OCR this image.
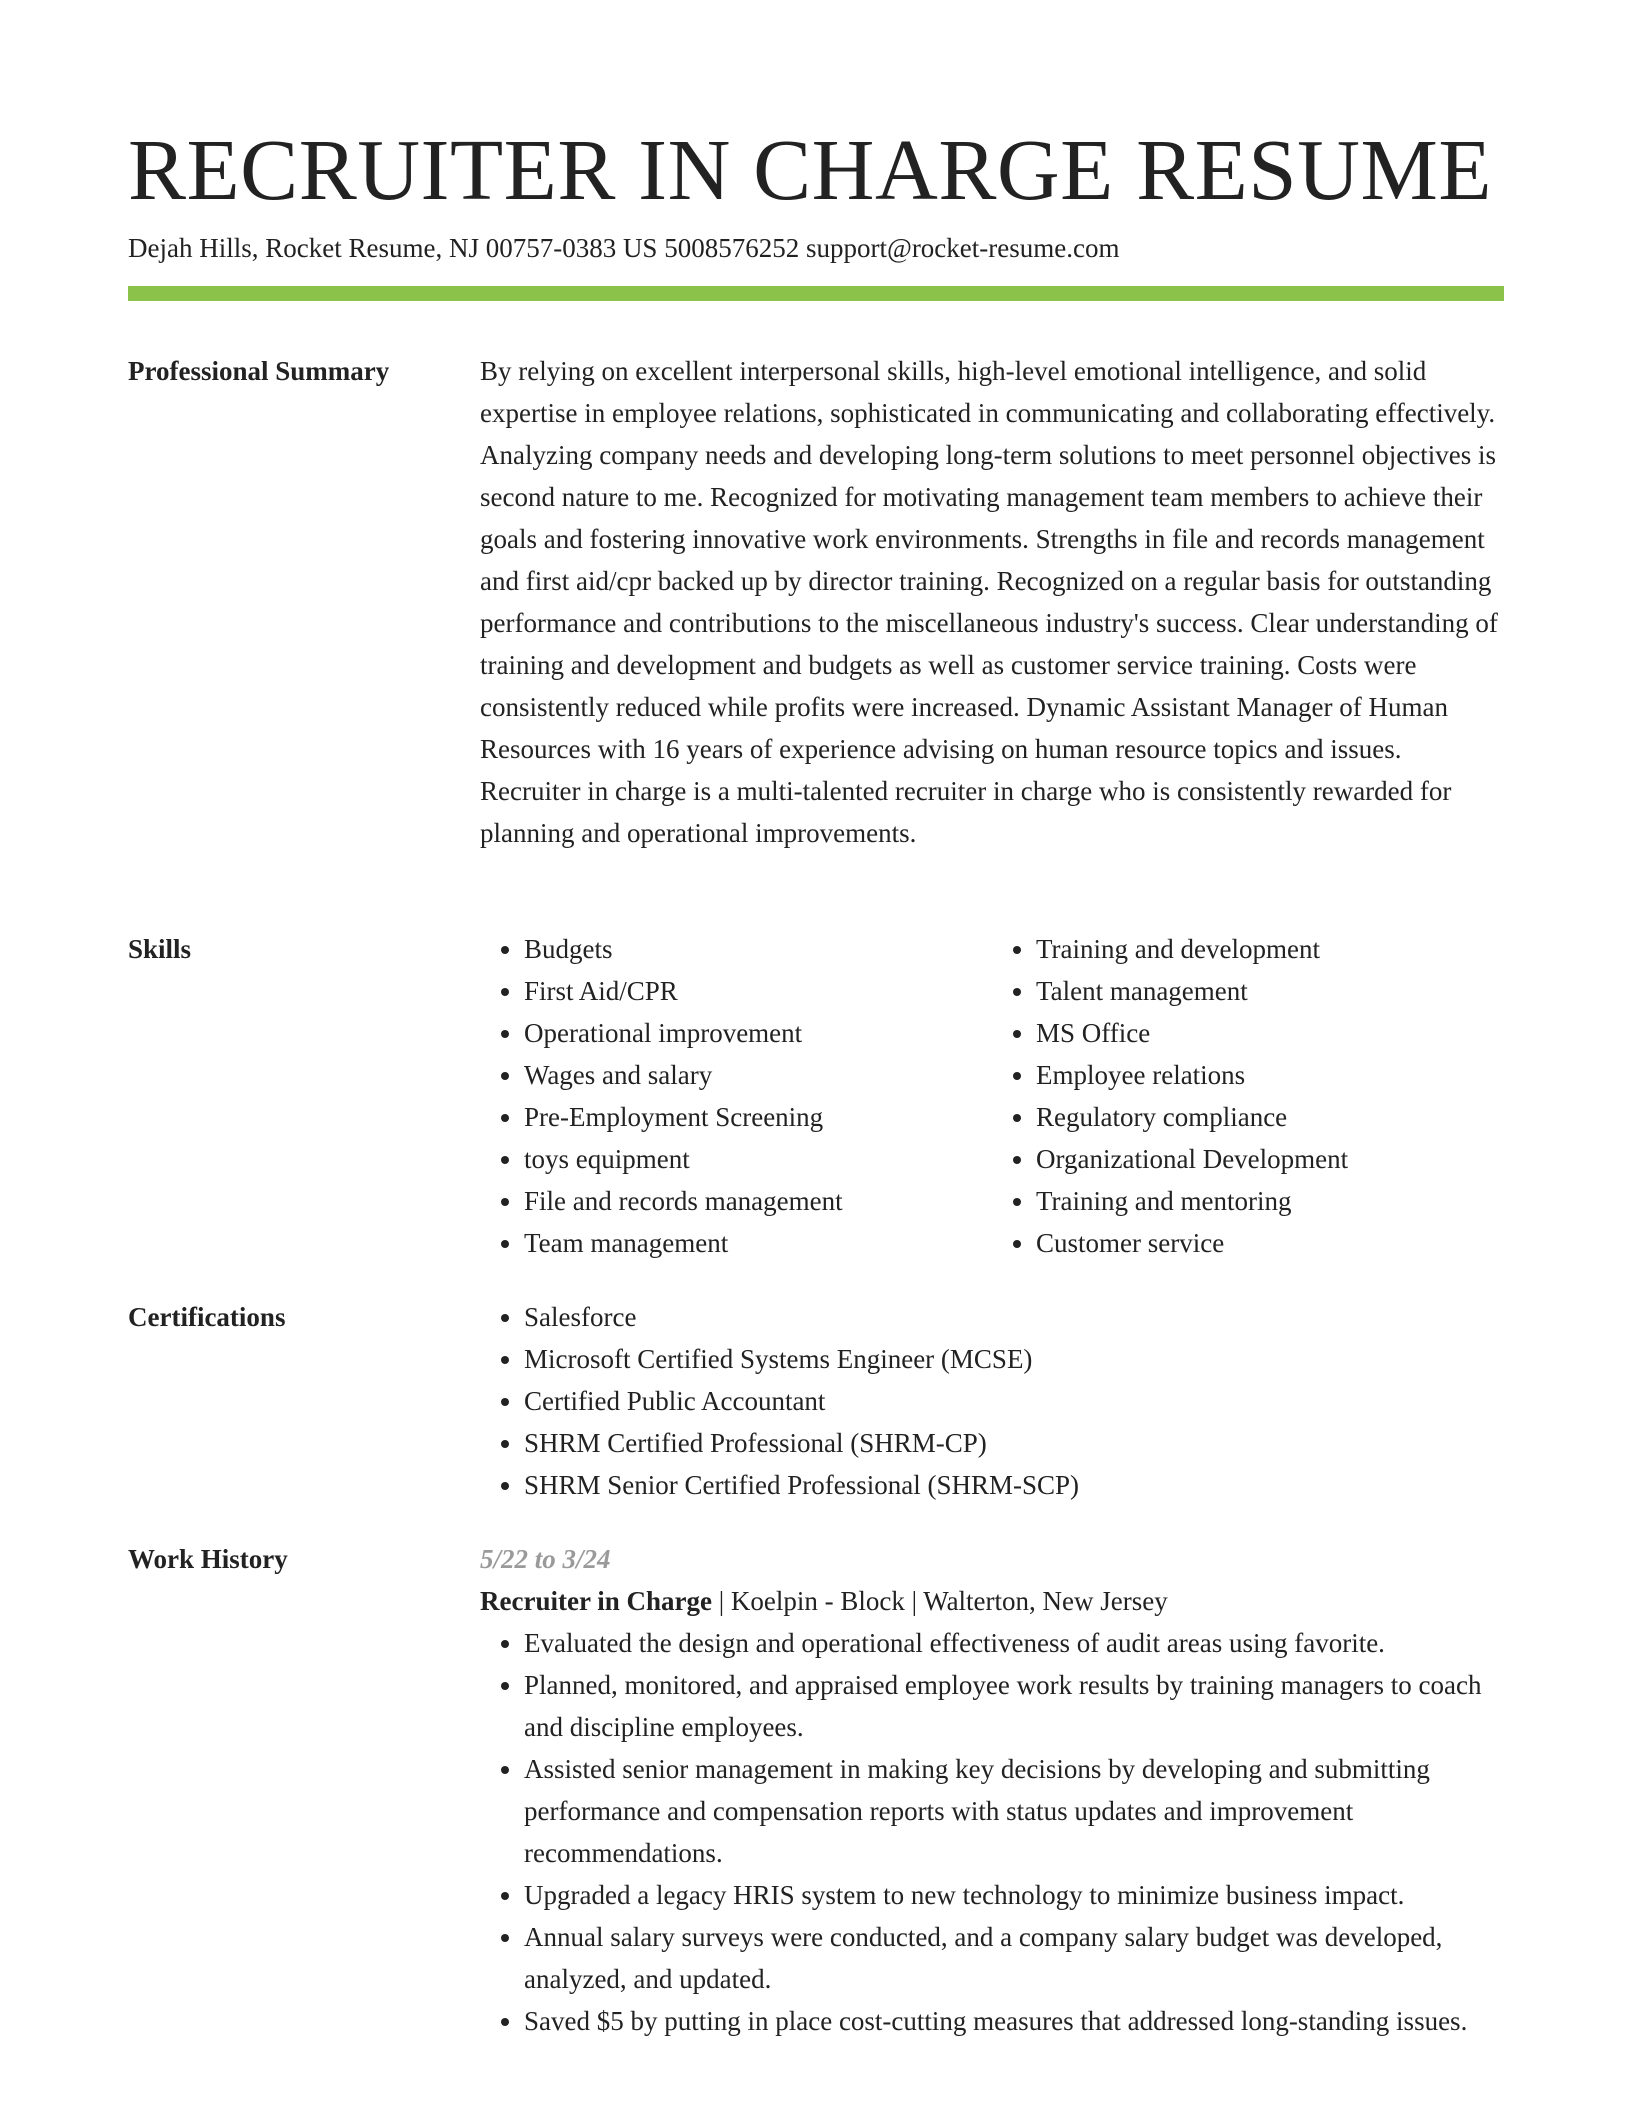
RECRUITER IN CHARGE RESUME
Dejah Hills, Rocket Resume, NJ 00757-0383 US 5008576252 support@rocket-resume.com
Professional Summary	By relying on excellent interpersonal skills, high-level emotional intelligence, and solid expertise in employee relations, sophisticated in communicating and collaborating effectively. Analyzing company needs and developing long-term solutions to meet personnel objectives is second nature to me. Recognized for motivating management team members to achieve their goals and fostering innovative work environments. Strengths in file and records management and first aid/cpr backed up by director training. Recognized on a regular basis for outstanding performance and contributions to the miscellaneous industry's success. Clear understanding of training and development and budgets as well as customer service training. Costs were consistently reduced while profits were increased. Dynamic Assistant Manager of Human Resources with 16 years of experience advising on human resource topics and issues. Recruiter in charge is a multi-talented recruiter in charge who is consistently rewarded for planning and operational improvements.

Skills	• Budgets
• First Aid/CPR
• Operational improvement
• Wages and salary
• Pre-Employment Screening
• toys equipment
• File and records management
• Team management
• Training and development
• Talent management
• MS Office
• Employee relations
• Regulatory compliance
• Organizational Development
• Training and mentoring
• Customer service
Certifications	• Salesforce
• Microsoft Certified Systems Engineer (MCSE)
• Certified Public Accountant
• SHRM Certified Professional (SHRM-CP)
• SHRM Senior Certified Professional (SHRM-SCP)
Work History	5/22 to 3/24
Recruiter in Charge | Koelpin - Block | Walterton, New Jersey
• Evaluated the design and operational effectiveness of audit areas using favorite.
• Planned, monitored, and appraised employee work results by training managers to coach and discipline employees.
• Assisted senior management in making key decisions by developing and submitting performance and compensation reports with status updates and improvement recommendations.
• Upgraded a legacy HRIS system to new technology to minimize business impact.
• Annual salary surveys were conducted, and a company salary budget was developed, analyzed, and updated.
• Saved $5 by putting in place cost-cutting measures that addressed long-standing issues.
